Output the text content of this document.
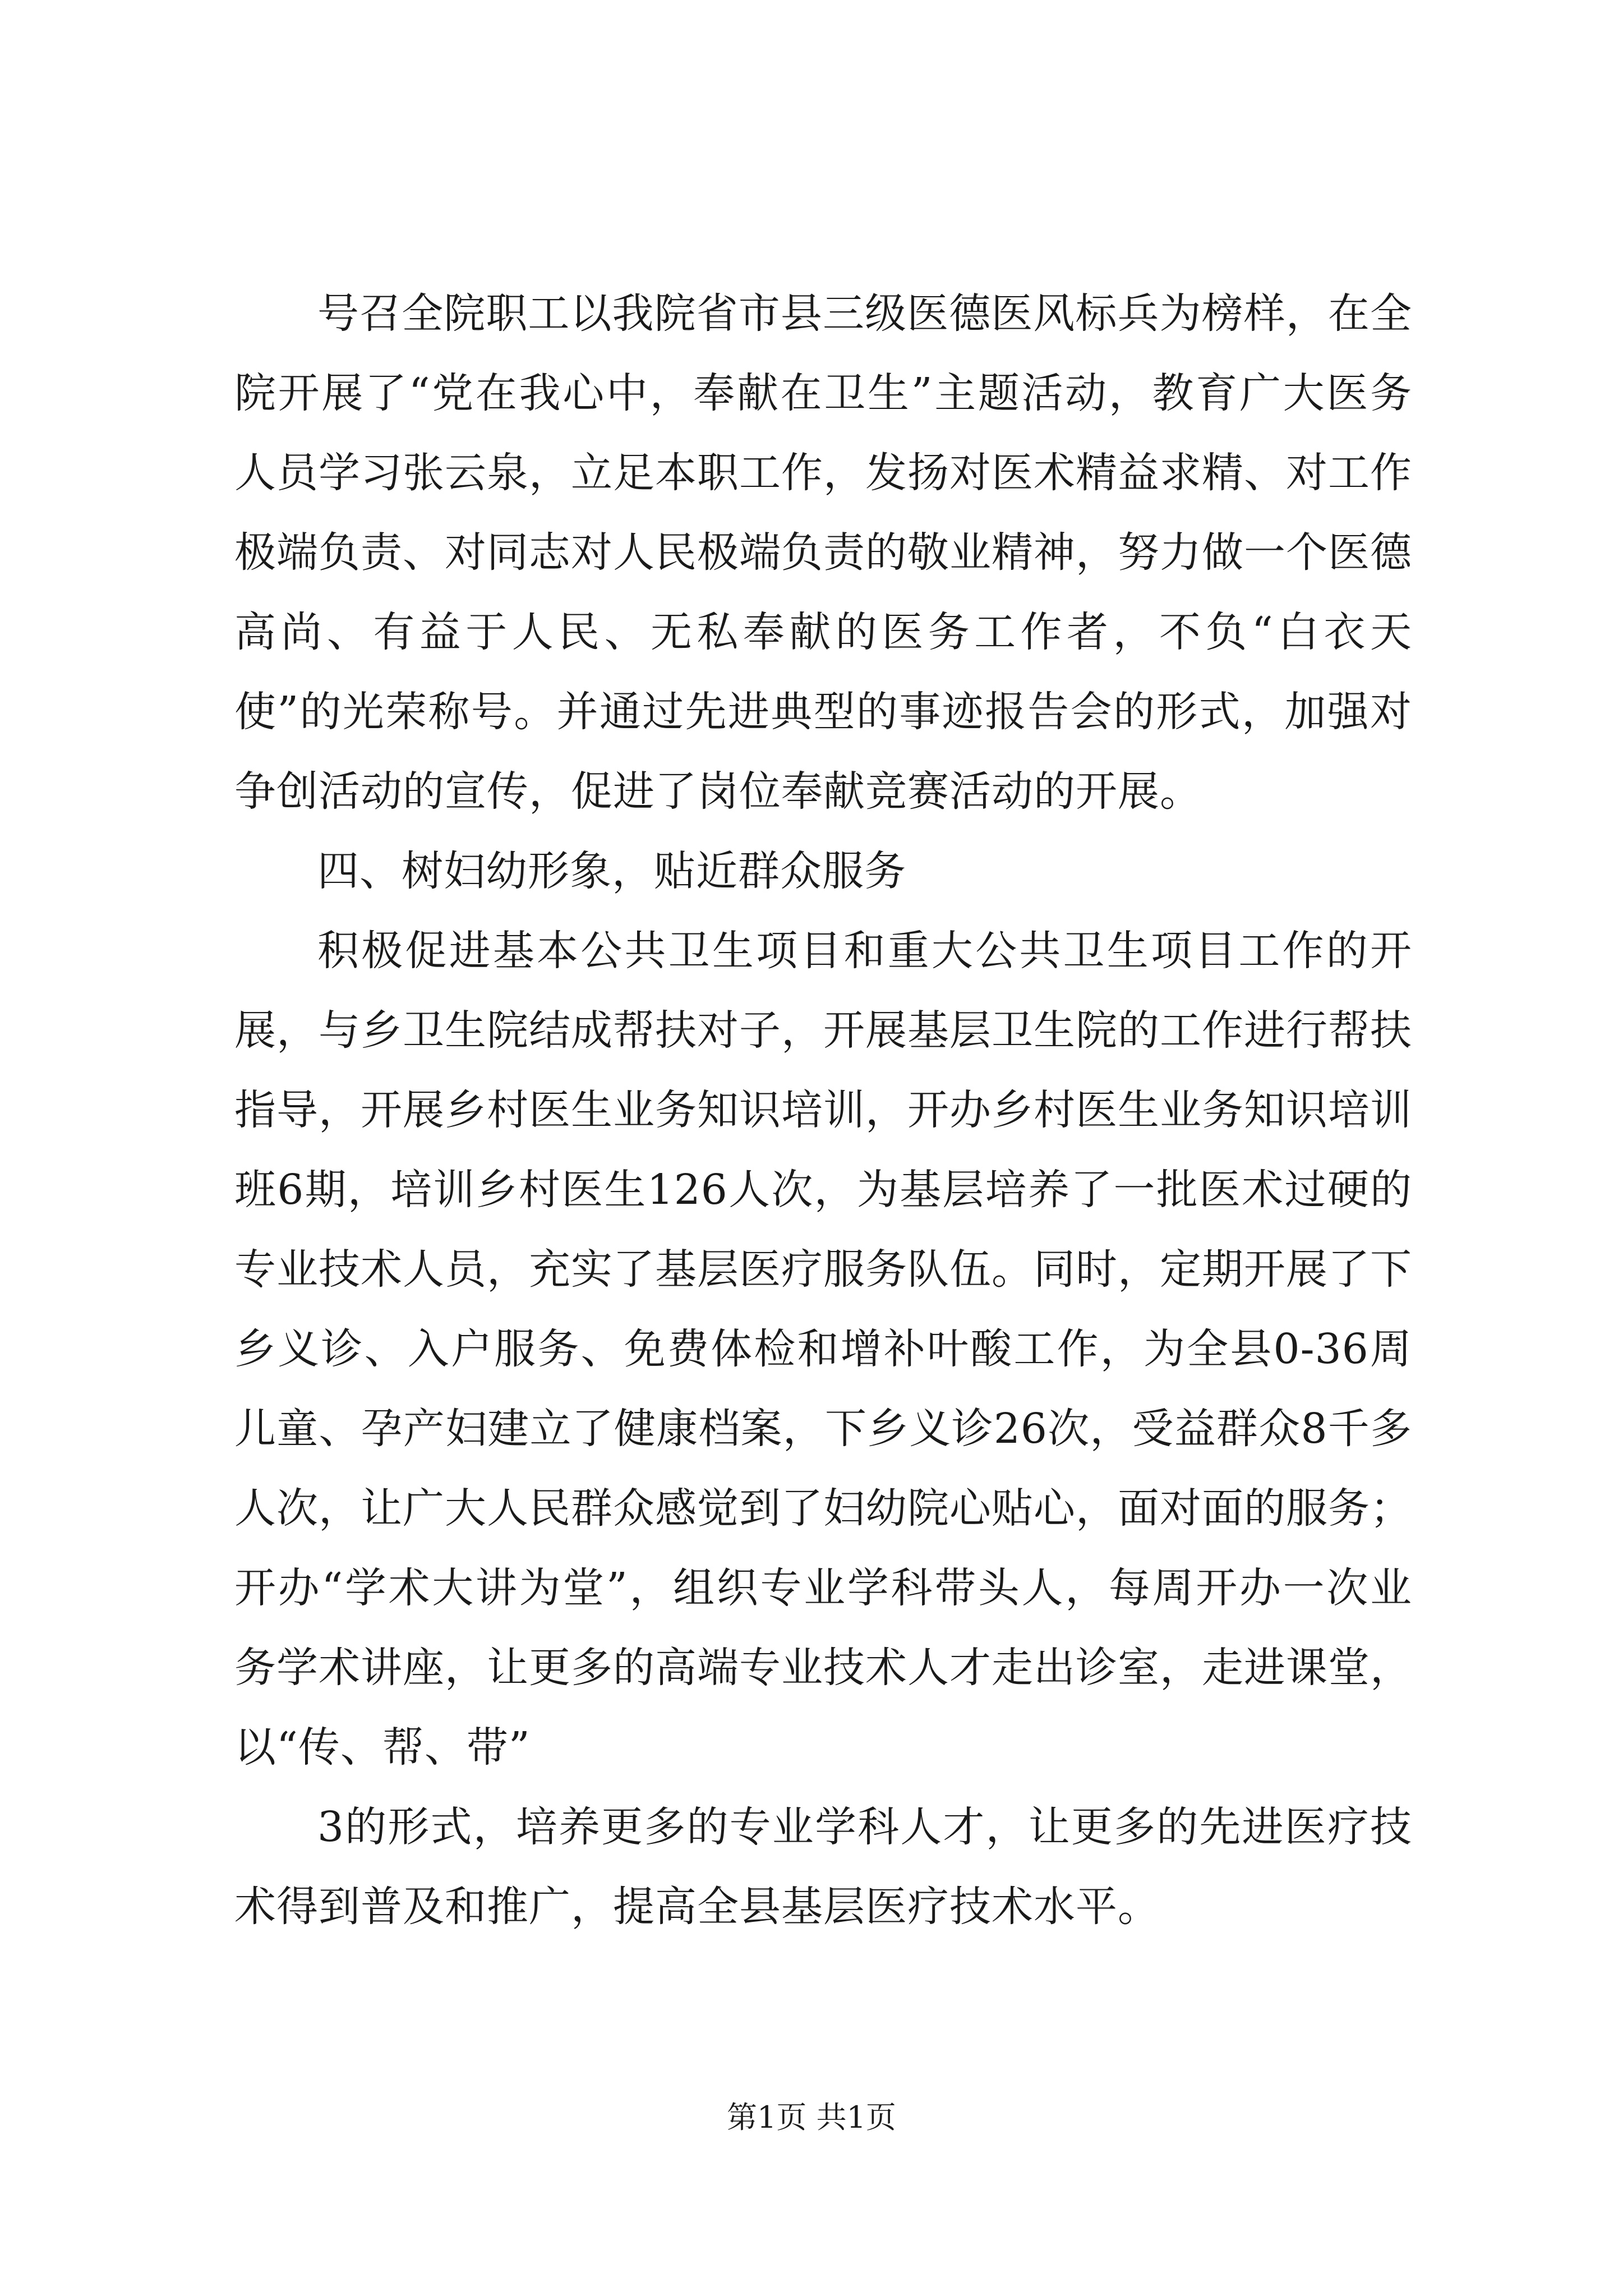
号召全院职工以我院省市县三级医德医风标兵为榜样，在全院开展了“党在我心中，奉献在卫生”主题活动，教育广大医务人员学习张云泉，立足本职工作，发扬对医术精益求精、对工作极端负责、对同志对人民极端负责的敬业精神，努力做一个医德高尚、有益于人民、无私奉献的医务工作者，不负“白衣天使”的光荣称号。并通过先进典型的事迹报告会的形式，加强对争创活动的宣传，促进了岗位奉献竞赛活动的开展。

四、树妇幼形象，贴近群众服务

积极促进基本公共卫生项目和重大公共卫生项目工作的开展，与乡卫生院结成帮扶对子，开展基层卫生院的工作进行帮扶指导，开展乡村医生业务知识培训，开办乡村医生业务知识培训班6期，培训乡村医生126人次，为基层培养了一批医术过硬的专业技术人员，充实了基层医疗服务队伍。同时，定期开展了下乡义诊、入户服务、免费体检和增补叶酸工作，为全县0-36周儿童、孕产妇建立了健康档案，下乡义诊26次，受益群众8千多人次，让广大人民群众感觉到了妇幼院心贴心，面对面的服务；开办“学术大讲为堂”，组织专业学科带头人，每周开办一次业务学术讲座，让更多的高端专业技术人才走出诊室，走进课堂，以“传、帮、带”

3的形式，培养更多的专业学科人才，让更多的先进医疗技术得到普及和推广，提高全县基层医疗技术水平。

第1页 共1页
